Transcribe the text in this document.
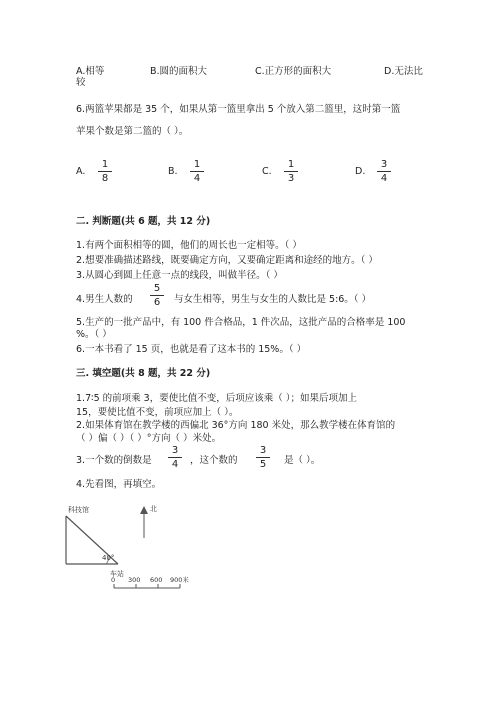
A.相等	B.圆的面积大	C.正方形的面积大	D.无法比
较
6.两篮苹果都是 35 个，如果从第一篮里拿出 5 个放入第二篮里，这时第一篮
苹果个数是第二篮的（ ）。
A.
1
8
B.
1
4
C.
1
3
D.
3
4
二. 判断题(共 6 题，共 12 分)
1.有两个面积相等的圆，他们的周长也一定相等。（ ）
2.想要准确描述路线，既要确定方向，又要确定距离和途经的地方。（ ）
3.从圆心到圆上任意一点的线段，叫做半径。（ ）
4.男生人数的
5
6	与女生相等，男生与女生的人数比是 5:6。（ ）
5.生产的一批产品中，有 100 件合格品，1 件次品，这批产品的合格率是 100
%。（ ）
6.一本书看了 15 页，也就是看了这本书的 15%。（ ）
三. 填空题(共 8 题，共 22 分)
1.7∶5 的前项乘 3，要使比值不变，后项应该乘（ ）；如果后项加上
15，要使比值不变，前项应加上（ ）。
2.如果体育馆在教学楼的西偏北 36°方向 180 米处，那么教学楼在体育馆的
（ ）偏（ ）（ ）°方向（ ）米处。
3.一个数的倒数是
3
4	，这个数的
3
5	是（ ）。
4.先看图，再填空。
北
科技馆
40°
车站
0 300 600 900米
